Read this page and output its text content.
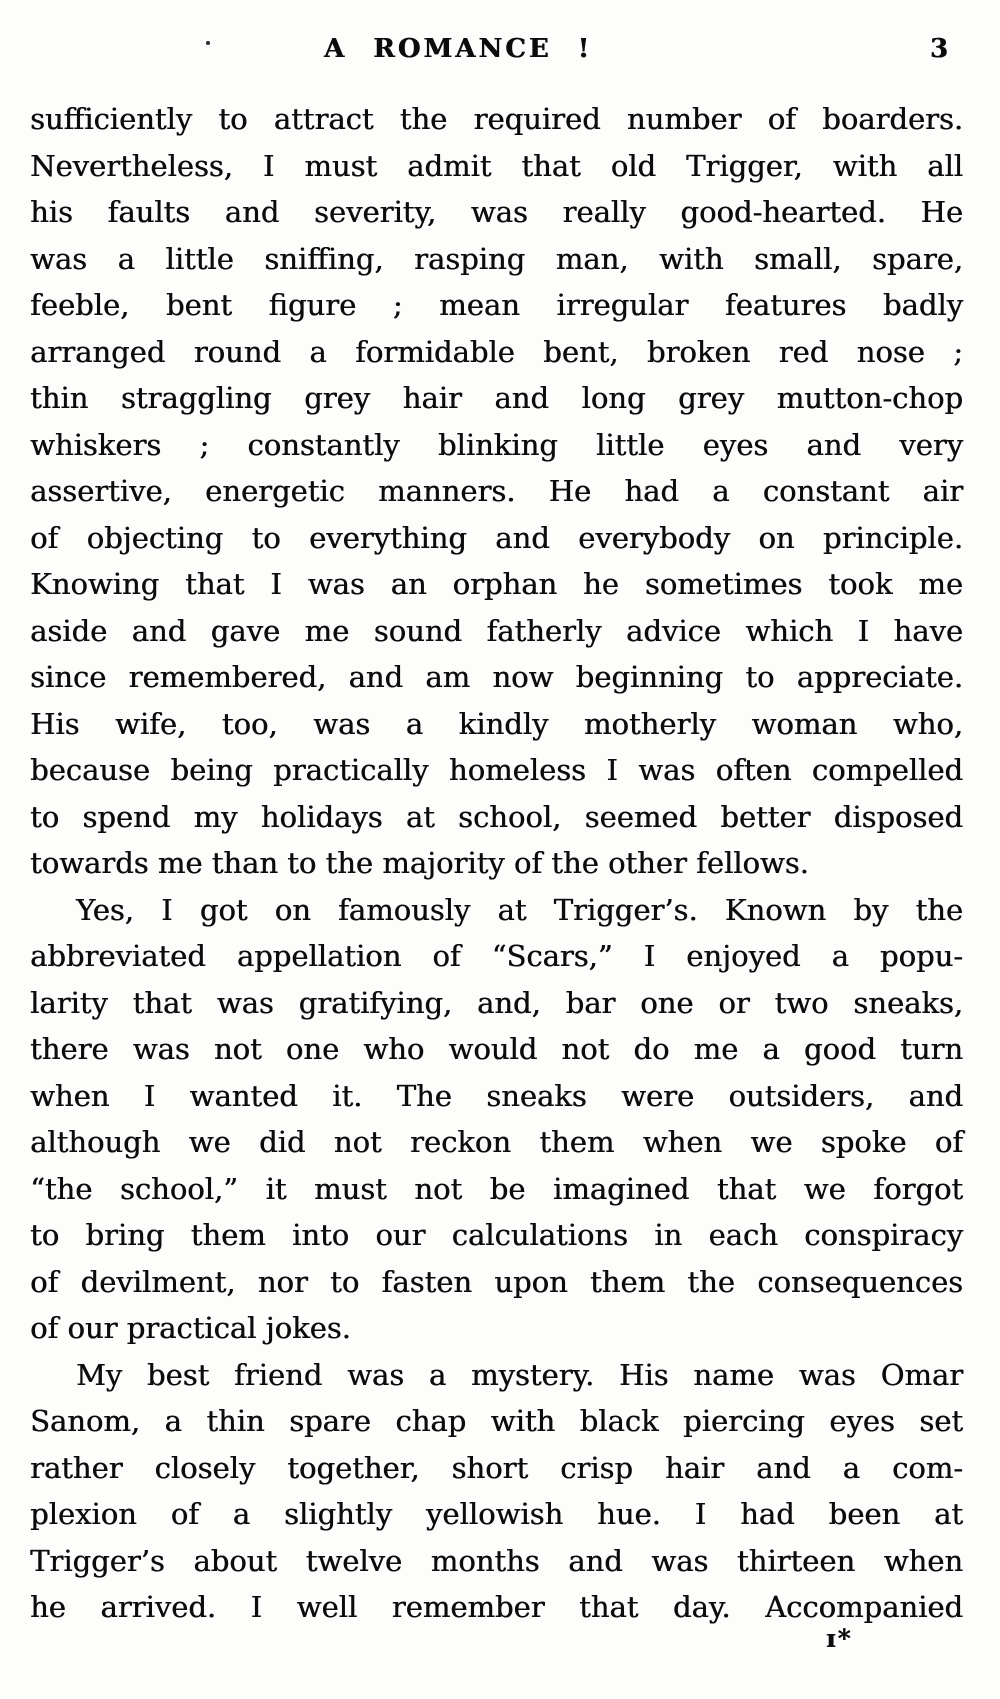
A ROMANCE !	3
sufficiently to attract the required number of boarders.
Nevertheless, I must admit that old Trigger, with all
his faults and severity, was really good-hearted. He
was a little sniffing, rasping man, with small, spare,
feeble, bent figure ; mean irregular features badly
arranged round a formidable bent, broken red nose ;
thin straggling grey hair and long grey mutton-chop
whiskers ; constantly blinking little eyes and very
assertive, energetic manners. He had a constant air
of objecting to everything and everybody on principle.
Knowing that I was an orphan he sometimes took me
aside and gave me sound fatherly advice which I have
since remembered, and am now beginning to appreciate.
His wife, too, was a kindly motherly woman who,
because being practically homeless I was often compelled
to spend my holidays at school, seemed better disposed
towards me than to the majority of the other fellows.
Yes, I got on famously at Trigger’s. Known by the
abbreviated appellation of “Scars,” I enjoyed a popu-
larity that was gratifying, and, bar one or two sneaks,
there was not one who would not do me a good turn
when I wanted it. The sneaks were outsiders, and
although we did not reckon them when we spoke of
“the school,” it must not be imagined that we forgot
to bring them into our calculations in each conspiracy
of devilment, nor to fasten upon them the consequences
of our practical jokes.
My best friend was a mystery. His name was Omar
Sanom, a thin spare chap with black piercing eyes set
rather closely together, short crisp hair and a com-
plexion of a slightly yellowish hue. I had been at
Trigger’s about twelve months and was thirteen when
he arrived. I well remember that day. Accompanied
ɪ*
